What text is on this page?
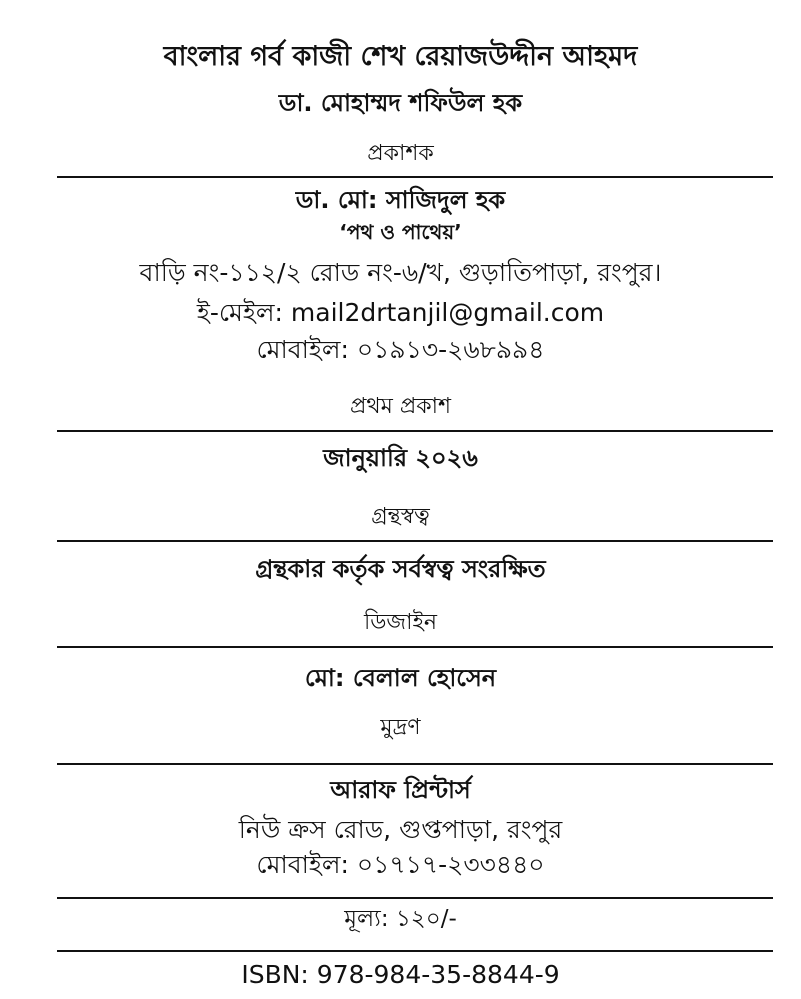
বাংলার গর্ব কাজী শেখ রেয়াজউদ্দীন আহমদ
ডা. মোহাম্মদ শফিউল হক
প্রকাশক
ডা. মো: সাজিদুল হক
‘পথ ও পাথেয়’
বাড়ি নং-১১২/২ রোড নং-৬/খ, গুড়াতিপাড়া, রংপুর।
ই-মেইল: mail2drtanjil@gmail.com
মোবাইল: ০১৯১৩-২৬৮৯৯৪
প্রথম প্রকাশ
জানুয়ারি ২০২৬
গ্রন্থস্বত্ব
গ্রন্থকার কর্তৃক সর্বস্বত্ব সংরক্ষিত
ডিজাইন
মো: বেলাল হোসেন
মুদ্রণ
আরাফ প্রিন্টার্স
নিউ ক্রস রোড, গুপ্তপাড়া, রংপুর
মোবাইল: ০১৭১৭-২৩৩৪৪০
মূল্য: ১২০/-
ISBN: 978-984-35-8844-9
